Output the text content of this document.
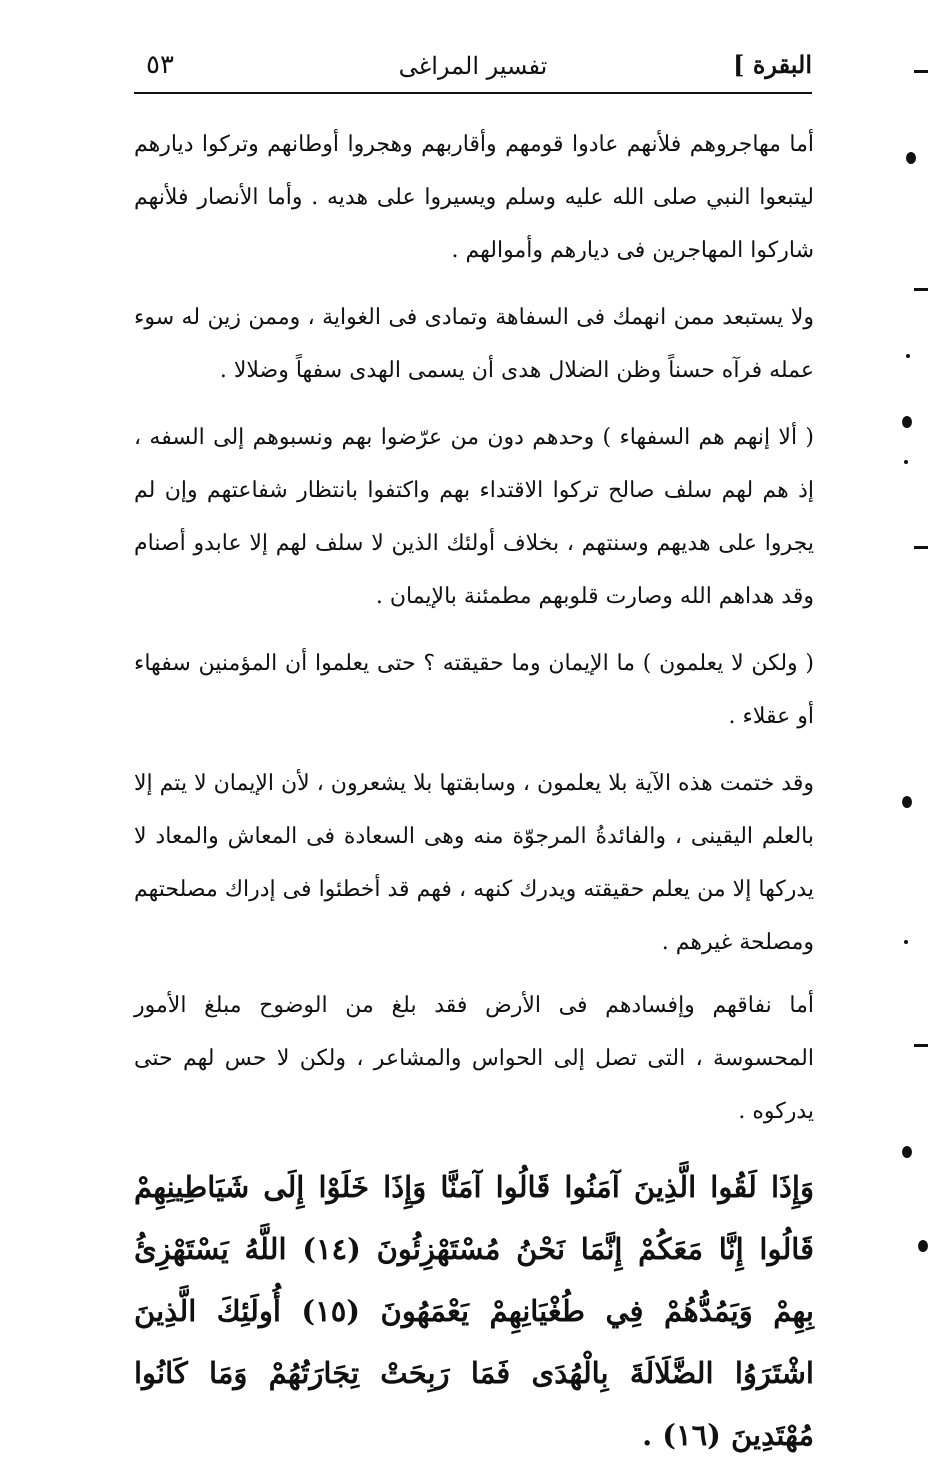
البقرة ]
تفسير المراغى
٥٣

أما مهاجروهم فلأنهم عادوا قومهم وأقاربهم وهجروا أوطانهم وتركوا ديارهم ليتبعوا النبي صلى الله عليه وسلم ويسيروا على هديه . وأما الأنصار فلأنهم شاركوا المهاجرين فى ديارهم وأموالهم .

ولا يستبعد ممن انهمك فى السفاهة وتمادى فى الغواية ، وممن زين له سوء عمله فرآه حسناً وظن الضلال هدى أن يسمى الهدى سفهاً وضلالا .

( ألا إنهم هم السفهاء ) وحدهم دون من عرّضوا بهم ونسبوهم إلى السفه ، إذ هم لهم سلف صالح تركوا الاقتداء بهم واكتفوا بانتظار شفاعتهم وإن لم يجروا على هديهم وسنتهم ، بخلاف أولئك الذين لا سلف لهم إلا عابدو أصنام وقد هداهم الله وصارت قلوبهم مطمئنة بالإيمان .

( ولكن لا يعلمون ) ما الإيمان وما حقيقته ؟ حتى يعلموا أن المؤمنين سفهاء أو عقلاء .

وقد ختمت هذه الآية بلا يعلمون ، وسابقتها بلا يشعرون ، لأن الإيمان لا يتم إلا بالعلم اليقينى ، والفائدةُ المرجوّة منه وهى السعادة فى المعاش والمعاد لا يدركها إلا من يعلم حقيقته ويدرك كنهه ، فهم قد أخطئوا فى إدراك مصلحتهم ومصلحة غيرهم .

أما نفاقهم وإفسادهم فى الأرض فقد بلغ من الوضوح مبلغ الأمور المحسوسة ، التى تصل إلى الحواس والمشاعر ، ولكن لا حس لهم حتى يدركوه .

وَإِذَا لَقُوا الَّذِينَ آمَنُوا قَالُوا آمَنَّا وَإِذَا خَلَوْا إِلَى شَيَاطِينِهِمْ قَالُوا إِنَّا مَعَكُمْ إِنَّمَا نَحْنُ مُسْتَهْزِئُونَ (١٤) اللَّهُ يَسْتَهْزِئُ بِهِمْ وَيَمُدُّهُمْ فِي طُغْيَانِهِمْ يَعْمَهُونَ (١٥) أُولَئِكَ الَّذِينَ اشْتَرَوُا الضَّلَالَةَ بِالْهُدَى فَمَا رَبِحَتْ تِجَارَتُهُمْ وَمَا كَانُوا مُهْتَدِينَ (١٦) .
